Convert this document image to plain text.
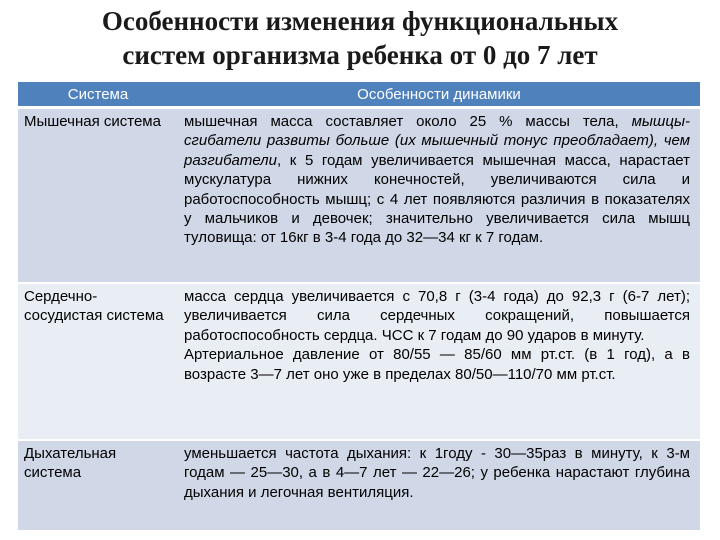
Особенности изменения функциональных
систем организма ребенка от 0 до 7 лет
Система	Особенности динамики
Мышечная система	мышечная масса составляет около 25 % массы тела, мышцы-сгибатели развиты больше (их мышечный тонус преобладает), чем разгибатели, к 5 годам увеличивается мышечная масса, нарастает мускулатура нижних конечностей, увеличиваются сила и работоспособность мышц; с 4 лет появляются различия в показателях у мальчиков и девочек; значительно увеличивается сила мышц туловища: от 16кг в 3-4 года до 32—34 кг к 7 годам.
Сердечно-сосудистая система	масса сердца увеличивается с 70,8 г (3-4 года) до 92,3 г (6-7 лет); увеличивается сила сердечных сокращений, повышается работоспособность сердца. ЧСС к 7 годам до 90 ударов в минуту.
Артериальное давление от 80/55 — 85/60 мм рт.ст. (в 1 год), а в возрасте 3—7 лет оно уже в пределах 80/50—110/70 мм рт.ст.

Дыхательная система	уменьшается частота дыхания: к 1году - 30—35раз в минуту, к 3-м годам — 25—30, а в 4—7 лет — 22—26; у ребенка нарастают глубина дыхания и легочная вентиляция.
